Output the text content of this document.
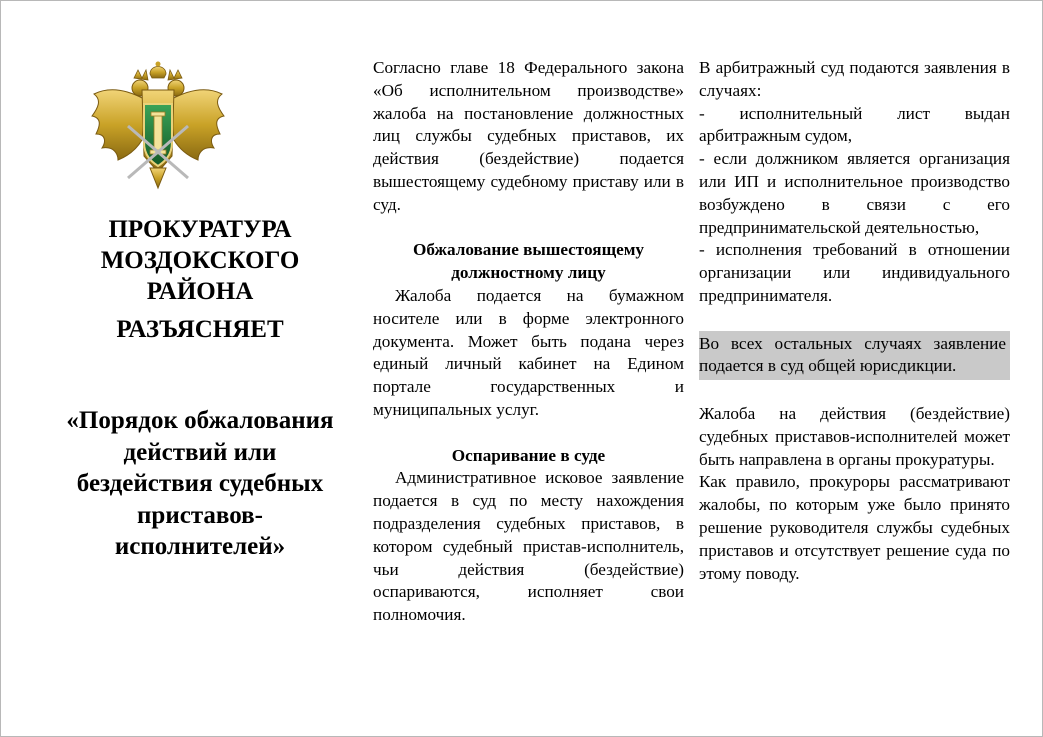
ПРОКУРАТУРА
МОЗДОКСКОГО
РАЙОНА
РАЗЪЯСНЯЕТ
«Порядок обжалования
действий или
бездействия судебных
приставов-
исполнителей»

Согласно главе 18 Федерального закона «Об исполнительном производстве» жалоба на постановление должностных лиц службы судебных приставов, их действия (бездействие) подается вышестоящему судебному приставу или в суд.

Обжалование вышестоящему должностному лицу

Жалоба подается на бумажном носителе или в форме электронного документа. Может быть подана через единый личный кабинет на Едином портале государственных и муниципальных услуг.

Оспаривание в суде

Административное исковое заявление подается в суд по месту нахождения подразделения судебных приставов, в котором судебный пристав-исполнитель, чьи действия (бездействие) оспариваются, исполняет свои полномочия.

В арбитражный суд подаются заявления в случаях:

- исполнительный лист выдан арбитражным судом,

- если должником является организация или ИП и исполнительное производство возбуждено в связи с его предпринимательской деятельностью,

- исполнения требований в отношении организации или индивидуального предпринимателя.

Во всех остальных случаях заявление подается в суд общей юрисдикции.

Жалоба на действия (бездействие) судебных приставов-исполнителей может быть направлена в органы прокуратуры.

Как правило, прокуроры рассматривают жалобы, по которым уже было принято решение руководителя службы судебных приставов и отсутствует решение суда по этому поводу.
